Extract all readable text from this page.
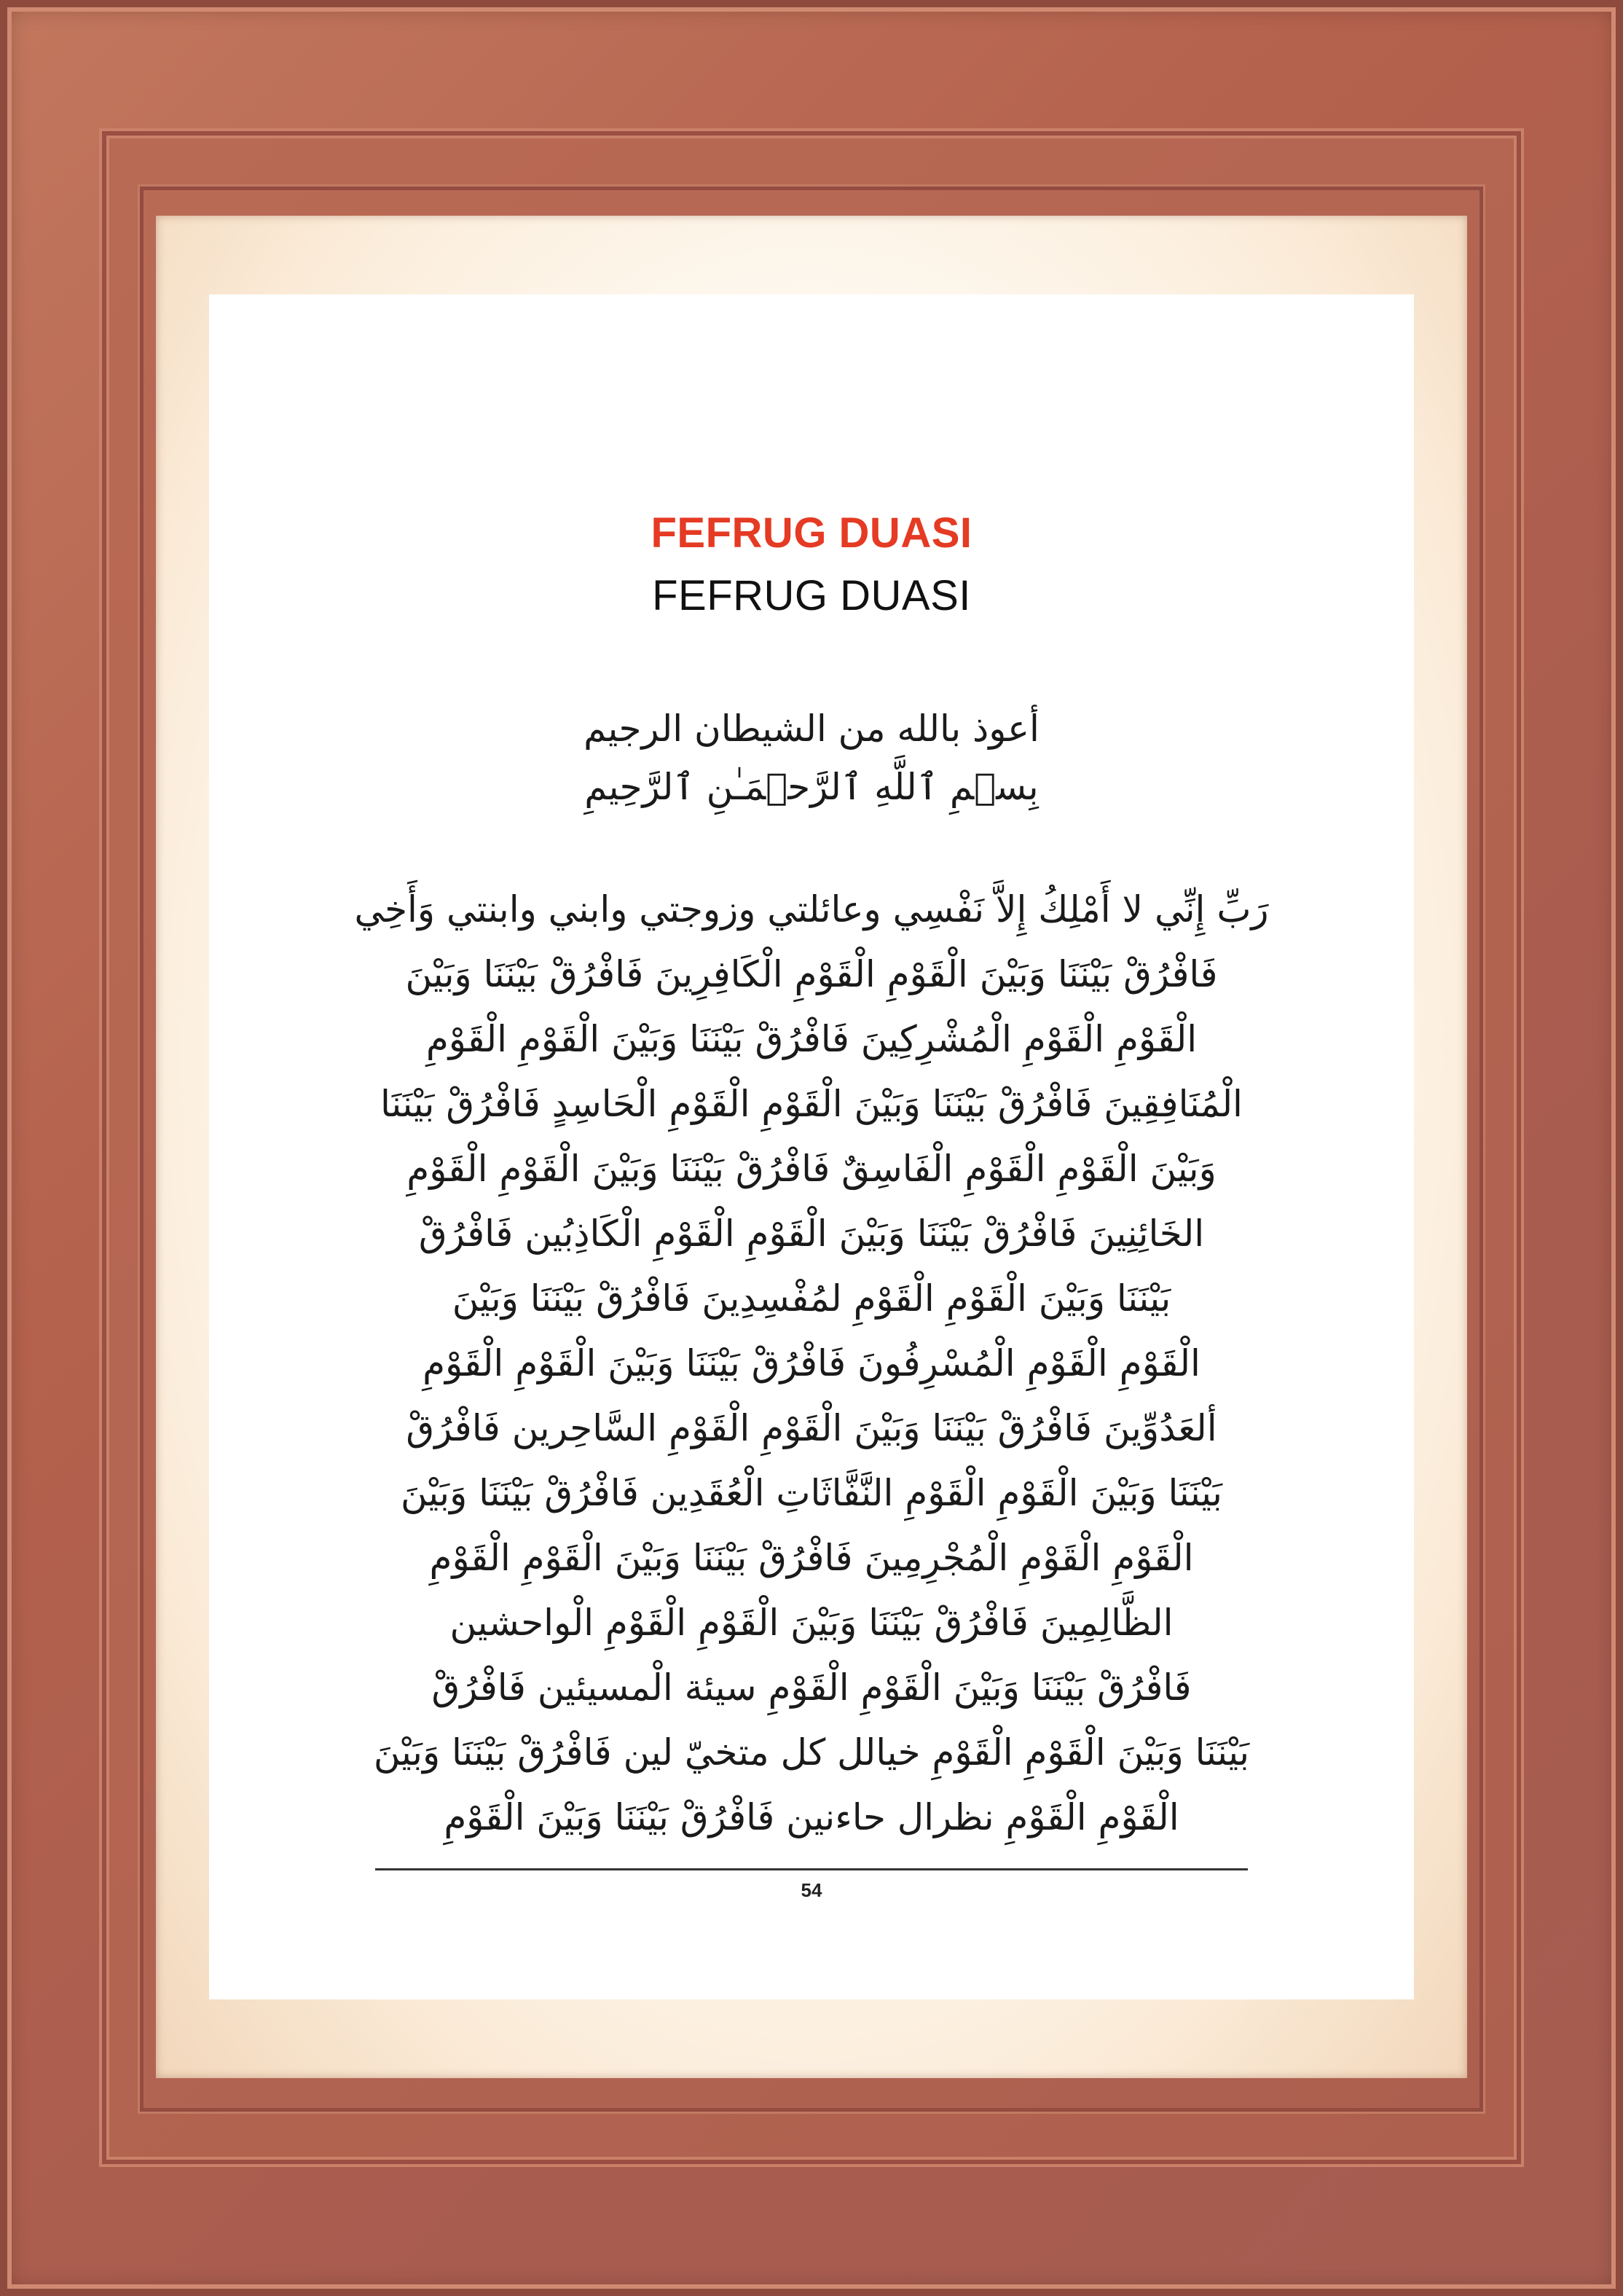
FEFRUG DUASI
FEFRUG DUASI
أعوذ بالله من الشيطان الرجيم
بِسۡمِ ٱللَّهِ ٱلرَّحۡمَـٰنِ ٱلرَّحِيمِ
رَبِّ إِنِّي لا أَمْلِكُ إِلاَّ نَفْسِي وعائلتي وزوجتي وابني وابنتي وَأَخِي
فَافْرُقْ بَيْنَنَا وَبَيْنَ الْقَوْمِ الْقَوْمِ الْكَافِرِينَ فَافْرُقْ بَيْنَنَا وَبَيْنَ
الْقَوْمِ الْقَوْمِ الْمُشْرِكِينَ فَافْرُقْ بَيْنَنَا وَبَيْنَ الْقَوْمِ الْقَوْمِ
الْمُنَافِقِينَ فَافْرُقْ بَيْنَنَا وَبَيْنَ الْقَوْمِ الْقَوْمِ الْحَاسِدٍ فَافْرُقْ بَيْنَنَا
وَبَيْنَ الْقَوْمِ الْقَوْمِ الْفَاسِقٌ فَافْرُقْ بَيْنَنَا وَبَيْنَ الْقَوْمِ الْقَوْمِ
الخَائِنِينَ فَافْرُقْ بَيْنَنَا وَبَيْنَ الْقَوْمِ الْقَوْمِ الْكَاذِبُين فَافْرُقْ
بَيْنَنَا وَبَيْنَ الْقَوْمِ الْقَوْمِ لمُفْسِدِينَ فَافْرُقْ بَيْنَنَا وَبَيْنَ
الْقَوْمِ الْقَوْمِ الْمُسْرِفُونَ فَافْرُقْ بَيْنَنَا وَبَيْنَ الْقَوْمِ الْقَوْمِ
ألعَدُوِّينَ فَافْرُقْ بَيْنَنَا وَبَيْنَ الْقَوْمِ الْقَوْمِ السَّاحِرين فَافْرُقْ
بَيْنَنَا وَبَيْنَ الْقَوْمِ الْقَوْمِ النَّفَّاثَاتِ الْعُقَدِين فَافْرُقْ بَيْنَنَا وَبَيْنَ
الْقَوْمِ الْقَوْمِ الْمُجْرِمِينَ فَافْرُقْ بَيْنَنَا وَبَيْنَ الْقَوْمِ الْقَوْمِ
الظَّالِمِينَ فَافْرُقْ بَيْنَنَا وَبَيْنَ الْقَوْمِ الْقَوْمِ الْواحشين
فَافْرُقْ بَيْنَنَا وَبَيْنَ الْقَوْمِ الْقَوْمِ سيئة الْمسيئين فَافْرُقْ
بَيْنَنَا وَبَيْنَ الْقَوْمِ الْقَوْمِ خيالل كل متخيّ لين فَافْرُقْ بَيْنَنَا وَبَيْنَ
الْقَوْمِ الْقَوْمِ نظرال حاءنين فَافْرُقْ بَيْنَنَا وَبَيْنَ الْقَوْمِ
54
